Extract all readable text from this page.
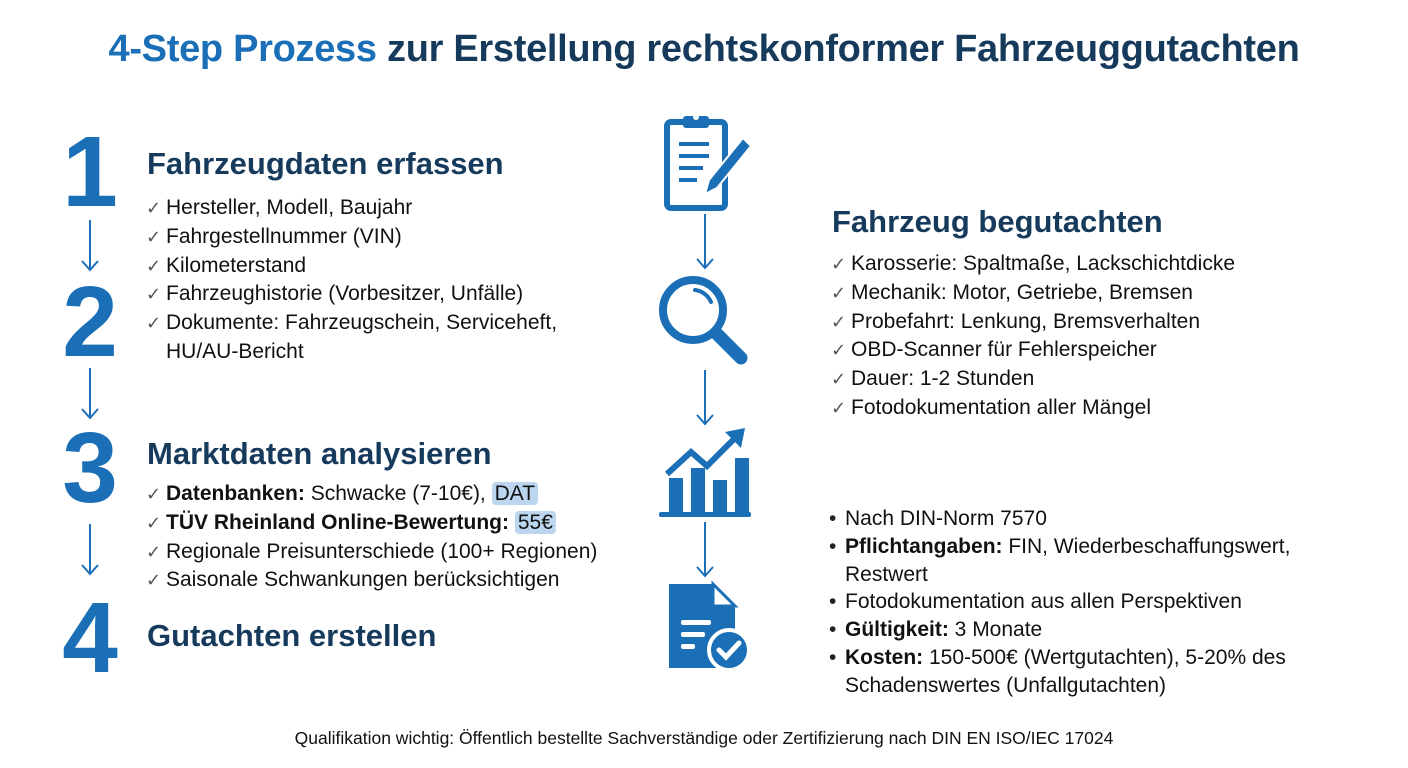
4-Step Prozess zur Erstellung rechtskonformer Fahrzeuggutachten
1
2
3
4
Fahrzeugdaten erfassen
✓ Hersteller, Modell, Baujahr
✓ Fahrgestellnummer (VIN)
✓ Kilometerstand
✓ Fahrzeughistorie (Vorbesitzer, Unfälle)
✓ Dokumente: Fahrzeugschein, Serviceheft, HU/AU-Bericht
Marktdaten analysieren
✓ Datenbanken: Schwacke (7-10€), DAT
✓ TÜV Rheinland Online-Bewertung: 55€
✓ Regionale Preisunterschiede (100+ Regionen)
✓ Saisonale Schwankungen berücksichtigen
Gutachten erstellen
Fahrzeug begutachten
✓ Karosserie: Spaltmaße, Lackschichtdicke
✓ Mechanik: Motor, Getriebe, Bremsen
✓ Probefahrt: Lenkung, Bremsverhalten
✓ OBD-Scanner für Fehlerspeicher
✓ Dauer: 1-2 Stunden
✓ Fotodokumentation aller Mängel
• Nach DIN-Norm 7570
• Pflichtangaben: FIN, Wiederbeschaffungswert, Restwert
• Fotodokumentation aus allen Perspektiven
• Gültigkeit: 3 Monate
• Kosten: 150-500€ (Wertgutachten), 5-20% des Schadenswertes (Unfallgutachten)
Qualifikation wichtig: Öffentlich bestellte Sachverständige oder Zertifizierung nach DIN EN ISO/IEC 17024
